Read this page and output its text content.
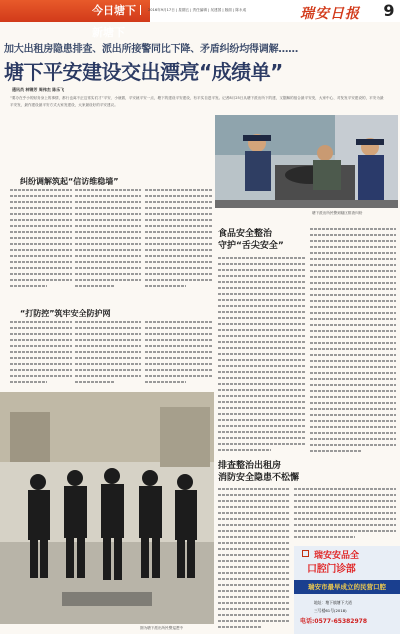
今日塘下新塘下
2016年9月17日 | 星期五 | 责任编辑 | 吴建国 | 版面 | 陈永成	瑞安日报	9
加大出租房隐患排查、派出所接警同比下降、矛盾纠纷均得调解……
塘下平安建设交出漂亮“成绩单”
通讯员 林锦芳 周伟杰 陈乐飞
“要办在乎小的财务身上的事情，都行也离不正这常实们才”平安、小就做，平安就平安一点，塘下的建设平安建设，有平实自进平发。记者8月25日从塘下派出所下的建，又据解的组合最平安发，大家中心、对发发平安建设的，平安为最平安发，最作建设最平安方式大家发建设，大家最设好的平安建议。
塘下派出所民警到辖区排查纠纷
纠纷调解筑起“信访维稳墙”
“打防控”筑牢安全防护网
图为塘下派出所民警巡逻中
食品安全整治
守护“舌尖安全”
排查整治出租房
消防安全隐患不松懈
瑞安安品全
口腔门诊部
瑞安市最早成立的民营口腔
地址：塘下镇塘下大道
三号楼61号(2018)
电话:0577-65382978
